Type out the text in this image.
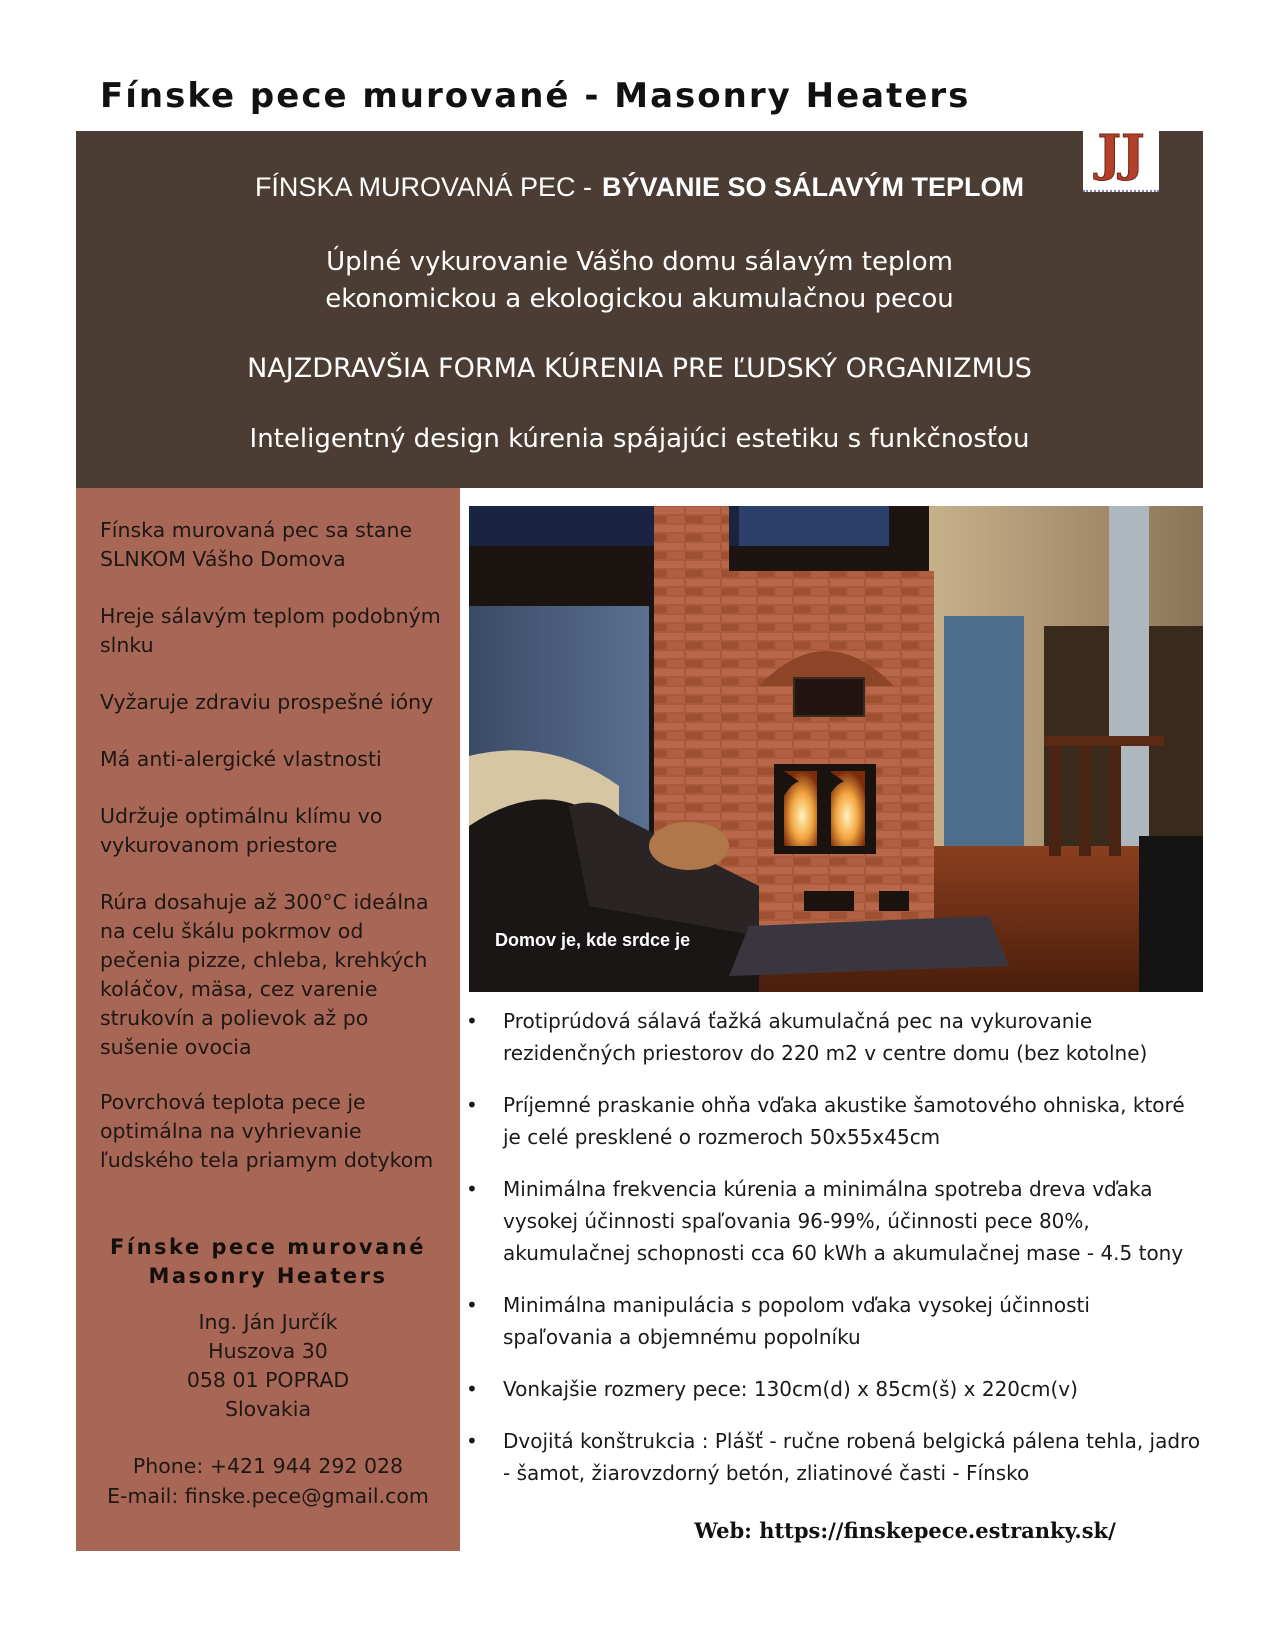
Fínske pece murované - Masonry Heaters
FÍNSKA MUROVANÁ PEC - BÝVANIE SO SÁLAVÝM TEPLOM
Úplné vykurovanie Vášho domu sálavým teplom
ekonomickou a ekologickou akumulačnou pecou
NAJZDRAVŠIA FORMA KÚRENIA PRE ĽUDSKÝ ORGANIZMUS
Inteligentný design kúrenia spájajúci estetiku s funkčnosťou
JJ
Fínska murovaná pec sa stane SLNKOM Vášho Domova
Hreje sálavým teplom podobným slnku
Vyžaruje zdraviu prospešné ióny
Má anti-alergické vlastnosti
Udržuje optimálnu klímu vo vykurovanom priestore
Rúra dosahuje až 300°C ideálna na celu škálu pokrmov od pečenia pizze, chleba, krehkých koláčov, mäsa, cez varenie strukovín a polievok až po sušenie ovocia
Povrchová teplota pece je optimálna na vyhrievanie ľudského tela priamym dotykom
Fínske pece murované
Masonry Heaters
Ing. Ján Jurčík
Huszova 30
058 01 POPRAD
Slovakia
Phone: +421 944 292 028
E-mail: finske.pece@gmail.com
Domov je, kde srdce je
• Protiprúdová sálavá ťažká akumulačná pec na vykurovanie rezidenčných priestorov do 220 m2 v centre domu (bez kotolne)
• Príjemné praskanie ohňa vďaka akustike šamotového ohniska, ktoré je celé presklené o rozmeroch 50x55x45cm
• Minimálna frekvencia kúrenia a minimálna spotreba dreva vďaka vysokej účinnosti spaľovania 96-99%, účinnosti pece 80%, akumulačnej schopnosti cca 60 kWh a akumulačnej mase - 4.5 tony
• Minimálna manipulácia s popolom vďaka vysokej účinnosti spaľovania a objemnému popolníku
• Vonkajšie rozmery pece: 130cm(d) x 85cm(š) x 220cm(v)
• Dvojitá konštrukcia : Plášť - ručne robená belgická pálena tehla, jadro - šamot, žiarovzdorný betón, zliatinové časti - Fínsko
Web: https://finskepece.estranky.sk/
